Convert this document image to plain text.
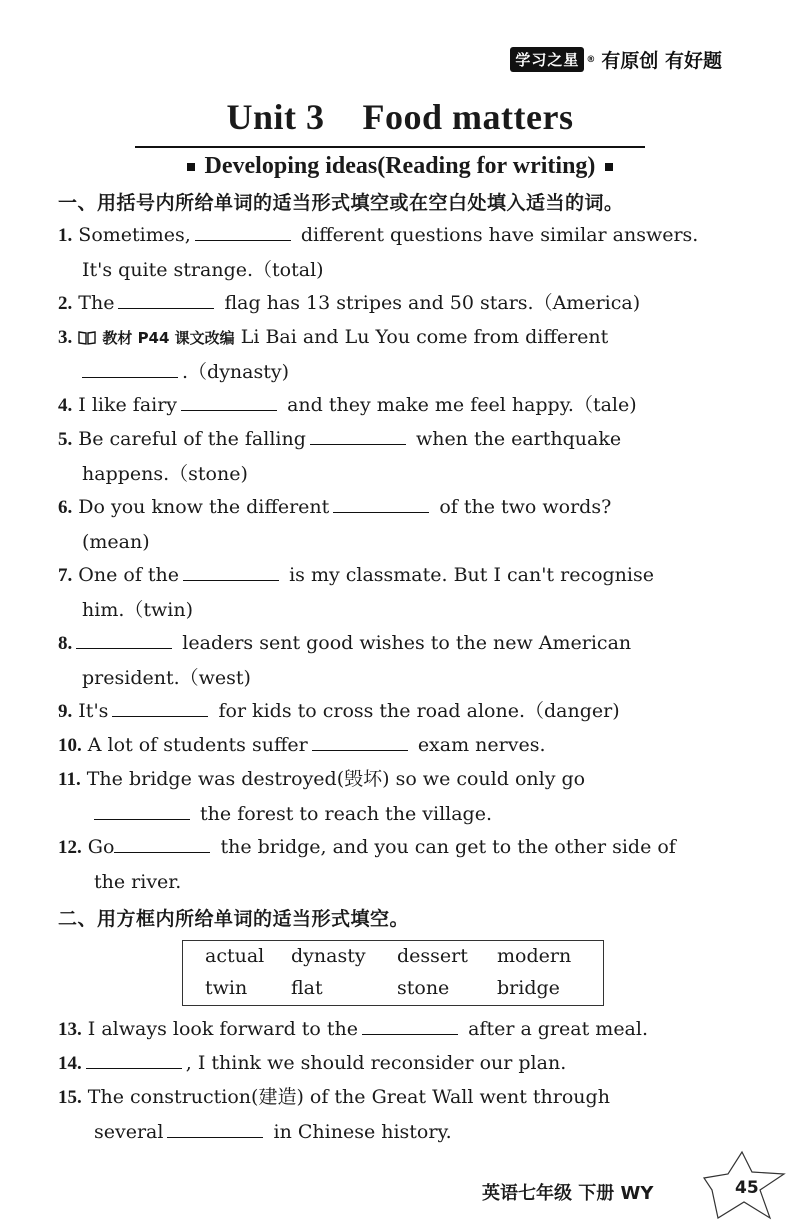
学习之星 ® 有原创 有好题
Unit 3    Food matters
Developing ideas(Reading for writing)
一、用括号内所给单词的适当形式填空或在空白处填入适当的词。
1. Sometimes,	different questions have similar answers.
It's quite strange.（total)
2. The	flag has 13 stripes and 50 stars.（America)
3. 教材 P44 课文改编 Li Bai and Lu You come from different
.（dynasty)
4. I like fairy	and they make me feel happy.（tale)
5. Be careful of the falling	when the earthquake
happens.（stone)
6. Do you know the different	of the two words?
(mean)
7. One of the	is my classmate. But I can't recognise
him.（twin)
8.	leaders sent good wishes to the new American
president.（west)
9. It's	for kids to cross the road alone.（danger)
10. A lot of students suffer	exam nerves.
11. The bridge was destroyed(毁坏) so we could only go
the forest to reach the village.
12. Go	the bridge, and you can get to the other side of
the river.
二、用方框内所给单词的适当形式填空。
actual dynasty dessert modern
twin flat	stone	bridge
13. I always look forward to the	after a great meal.
14.	, I think we should reconsider our plan.
15. The construction(建造) of the Great Wall went through
several	in Chinese history.
英语七年级 下册 WY	45
